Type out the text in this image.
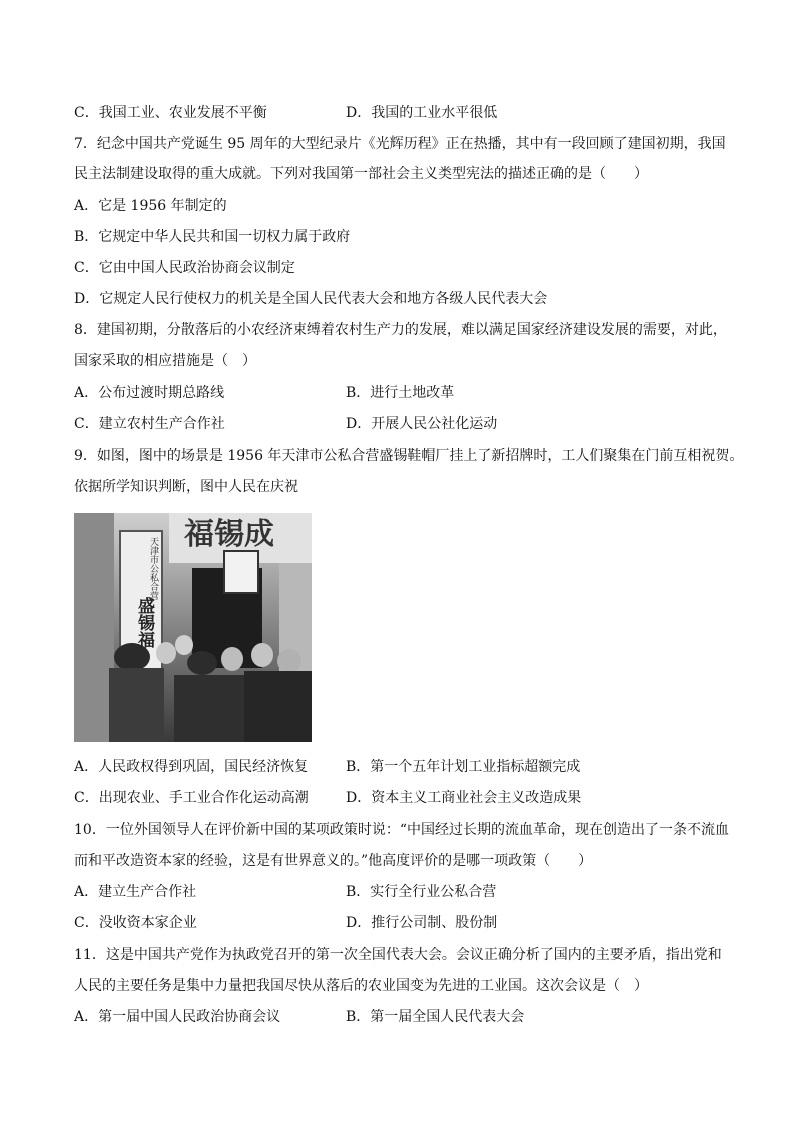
C．我国工业、农业发展不平衡	D．我国的工业水平很低
7．纪念中国共产党诞生 95 周年的大型纪录片《光辉历程》正在热播，其中有一段回顾了建国初期，我国
民主法制建设取得的重大成就。下列对我国第一部社会主义类型宪法的描述正确的是（　　）
A．它是 1956 年制定的
B．它规定中华人民共和国一切权力属于政府
C．它由中国人民政治协商会议制定
D．它规定人民行使权力的机关是全国人民代表大会和地方各级人民代表大会
8．建国初期，分散落后的小农经济束缚着农村生产力的发展，难以满足国家经济建设发展的需要，对此，
国家采取的相应措施是（　）
A．公布过渡时期总路线	B．进行土地改革
C．建立农村生产合作社	D．开展人民公社化运动
9．如图，图中的场景是 1956 年天津市公私合营盛锡鞋帽厂挂上了新招牌时，工人们聚集在门前互相祝贺。
依据所学知识判断，图中人民在庆祝
天津市公私合营
盛锡福
福锡成
A．人民政权得到巩固，国民经济恢复	B．第一个五年计划工业指标超额完成
C．出现农业、手工业合作化运动高潮	D．资本主义工商业社会主义改造成果
10．一位外国领导人在评价新中国的某项政策时说：“中国经过长期的流血革命，现在创造出了一条不流血
而和平改造资本家的经验，这是有世界意义的。”他高度评价的是哪一项政策（　　）
A．建立生产合作社	B．实行全行业公私合营
C．没收资本家企业	D．推行公司制、股份制
11．这是中国共产党作为执政党召开的第一次全国代表大会。会议正确分析了国内的主要矛盾，指出党和
人民的主要任务是集中力量把我国尽快从落后的农业国变为先进的工业国。这次会议是（　）
A．第一届中国人民政治协商会议	B．第一届全国人民代表大会
